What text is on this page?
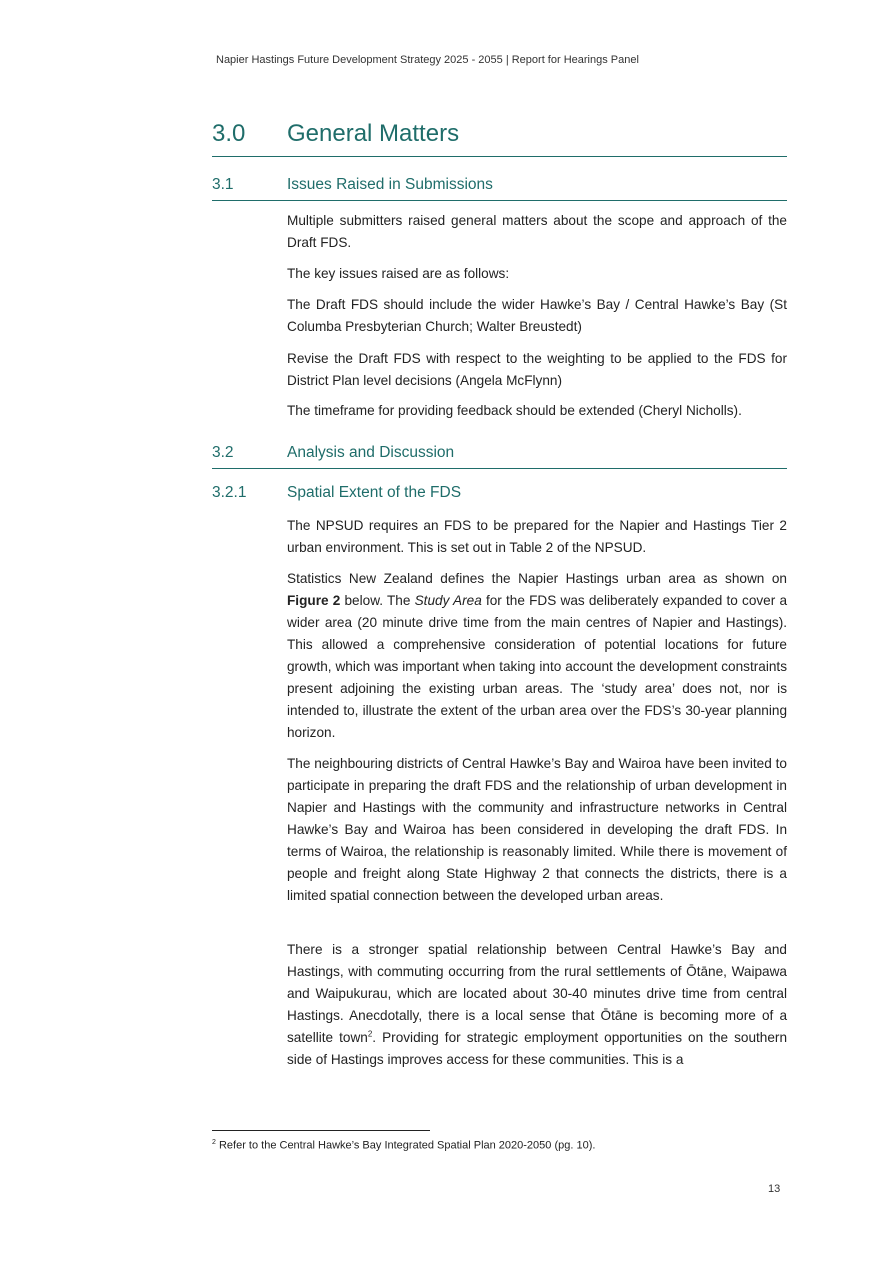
Napier Hastings Future Development Strategy 2025 - 2055 | Report for Hearings Panel
3.0 General Matters
3.1	Issues Raised in Submissions

Multiple submitters raised general matters about the scope and approach of the Draft FDS.

The key issues raised are as follows:

The Draft FDS should include the wider Hawke’s Bay / Central Hawke’s Bay (St Columba Presbyterian Church; Walter Breustedt)

Revise the Draft FDS with respect to the weighting to be applied to the FDS for District Plan level decisions (Angela McFlynn)

The timeframe for providing feedback should be extended (Cheryl Nicholls).

3.2	Analysis and Discussion
3.2.1	Spatial Extent of the FDS

The NPSUD requires an FDS to be prepared for the Napier and Hastings Tier 2 urban environment. This is set out in Table 2 of the NPSUD.

Statistics New Zealand defines the Napier Hastings urban area as shown on Figure 2 below. The Study Area for the FDS was deliberately expanded to cover a wider area (20 minute drive time from the main centres of Napier and Hastings). This allowed a comprehensive consideration of potential locations for future growth, which was important when taking into account the development constraints present adjoining the existing urban areas. The ‘study area’ does not, nor is intended to, illustrate the extent of the urban area over the FDS’s 30-year planning horizon.

The neighbouring districts of Central Hawke’s Bay and Wairoa have been invited to participate in preparing the draft FDS and the relationship of urban development in Napier and Hastings with the community and infrastructure networks in Central Hawke’s Bay and Wairoa has been considered in developing the draft FDS. In terms of Wairoa, the relationship is reasonably limited. While there is movement of people and freight along State Highway 2 that connects the districts, there is a limited spatial connection between the developed urban areas.

There is a stronger spatial relationship between Central Hawke’s Bay and Hastings, with commuting occurring from the rural settlements of Ōtāne, Waipawa and Waipukurau, which are located about 30-40 minutes drive time from central Hastings. Anecdotally, there is a local sense that Ōtāne is becoming more of a satellite town$^2$. Providing for strategic employment opportunities on the southern side of Hastings improves access for these communities. This is a

$^2$ Refer to the Central Hawke’s Bay Integrated Spatial Plan 2020-2050 (pg. 10).
13
